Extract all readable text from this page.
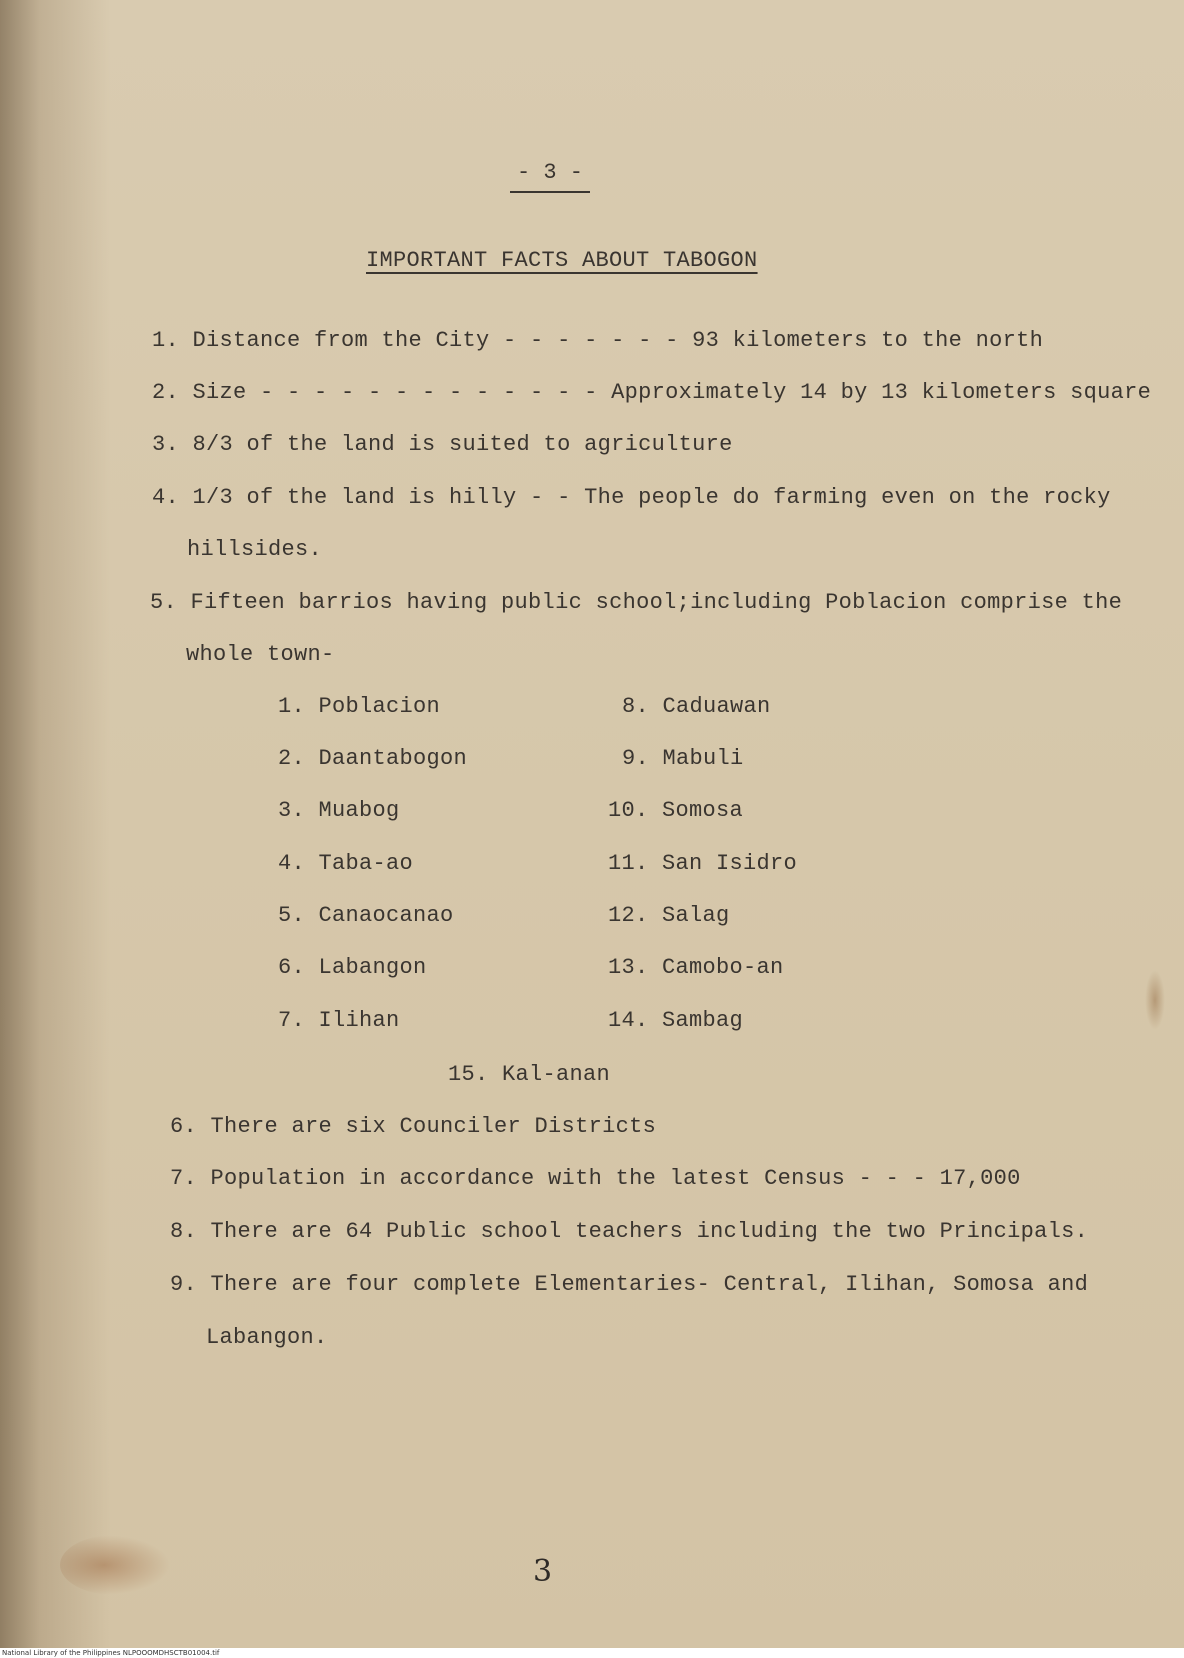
- 3 -
IMPORTANT FACTS ABOUT TABOGON
1. Distance from the City - - - - - - - 93 kilometers to the north
2. Size - - - - - - - - - - - - - Approximately 14 by 13 kilometers square
3. 8/3 of the land is suited to agriculture
4. 1/3 of the land is hilly - - The people do farming even on the rocky
hillsides.
5. Fifteen barrios having public school;including Poblacion comprise the
whole town-
1. Poblacion
2. Daantabogon
3. Muabog
4. Taba-ao
5. Canaocanao
6. Labangon
7. Ilihan
8. Caduawan
9. Mabuli
10. Somosa
11. San Isidro
12. Salag
13. Camobo-an
14. Sambag
15. Kal-anan
6. There are six Counciler Districts
7. Population in accordance with the latest Census - - - 17,000
8. There are 64 Public school teachers including the two Principals.
9. There are four complete Elementaries- Central, Ilihan, Somosa and
Labangon.
3
National Library of the Philippines NLPOOOMDHSCTB01004.tif
